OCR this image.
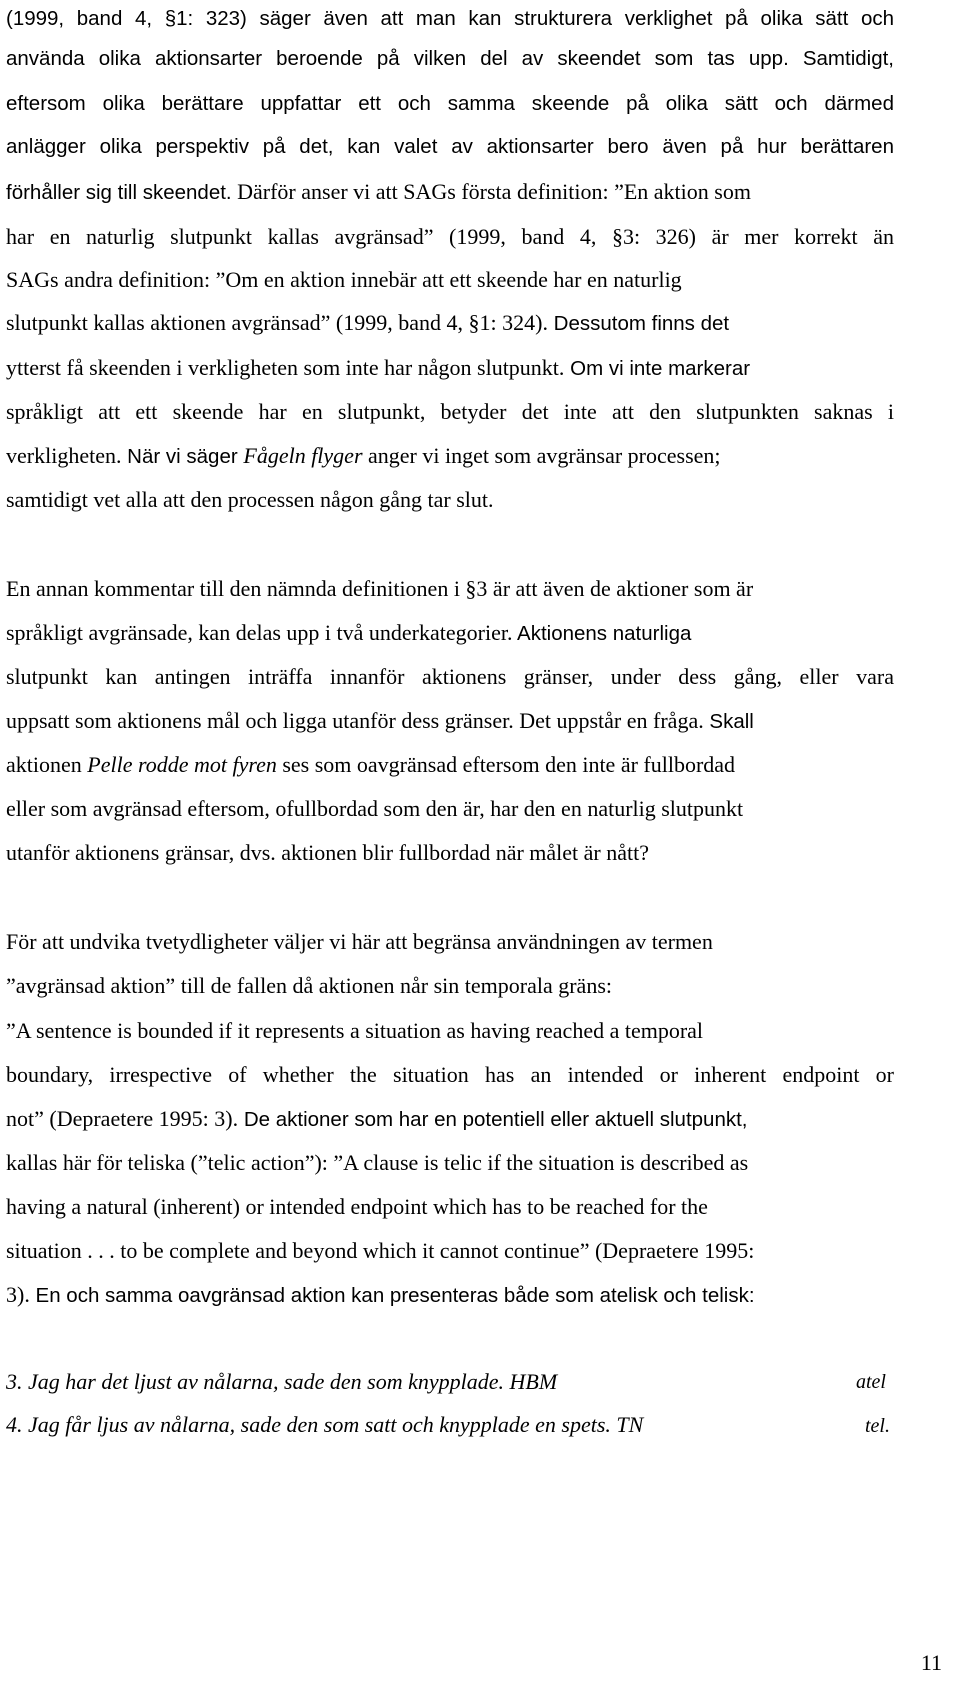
(1999, band 4, §1: 323) säger även att man kan strukturera verklighet på olika sätt och
använda olika aktionsarter beroende på vilken del av skeendet som tas upp. Samtidigt,
eftersom olika berättare uppfattar ett och samma skeende på olika sätt och därmed
anlägger olika perspektiv på det, kan valet av aktionsarter bero även på hur berättaren
förhåller sig till skeendet. Därför anser vi att SAGs första definition: ”En aktion som
har en naturlig slutpunkt kallas avgränsad” (1999, band 4, §3: 326) är mer korrekt än
SAGs andra definition: ”Om en aktion innebär att ett skeende har en naturlig
slutpunkt kallas aktionen avgränsad” (1999, band 4, §1: 324). Dessutom finns det
ytterst få skeenden i verkligheten som inte har någon slutpunkt. Om vi inte markerar
språkligt att ett skeende har en slutpunkt, betyder det inte att den slutpunkten saknas i
verkligheten. När vi säger Fågeln flyger anger vi inget som avgränsar processen;
samtidigt vet alla att den processen någon gång tar slut.
En annan kommentar till den nämnda definitionen i §3 är att även de aktioner som är
språkligt avgränsade, kan delas upp i två underkategorier. Aktionens naturliga
slutpunkt kan antingen inträffa innanför aktionens gränser, under dess gång, eller vara
uppsatt som aktionens mål och ligga utanför dess gränser. Det uppstår en fråga. Skall
aktionen Pelle rodde mot fyren ses som oavgränsad eftersom den inte är fullbordad
eller som avgränsad eftersom, ofullbordad som den är, har den en naturlig slutpunkt
utanför aktionens gränsar, dvs. aktionen blir fullbordad när målet är nått?
För att undvika tvetydligheter väljer vi här att begränsa användningen av termen
”avgränsad aktion” till de fallen då aktionen når sin temporala gräns:
”A sentence is bounded if it represents a situation as having reached a temporal
boundary, irrespective of whether the situation has an intended or inherent endpoint or
not” (Depraetere 1995: 3). De aktioner som har en potentiell eller aktuell slutpunkt,
kallas här för teliska (”telic action”): ”A clause is telic if the situation is described as
having a natural (inherent) or intended endpoint which has to be reached for the
situation . . . to be complete and beyond which it cannot continue” (Depraetere 1995:
3). En och samma oavgränsad aktion kan presenteras både som atelisk och telisk:
3. Jag har det ljust av nålarna, sade den som knypplade. HBM	atel
4. Jag får ljus av nålarna, sade den som satt och knypplade en spets. TN	tel.
11
